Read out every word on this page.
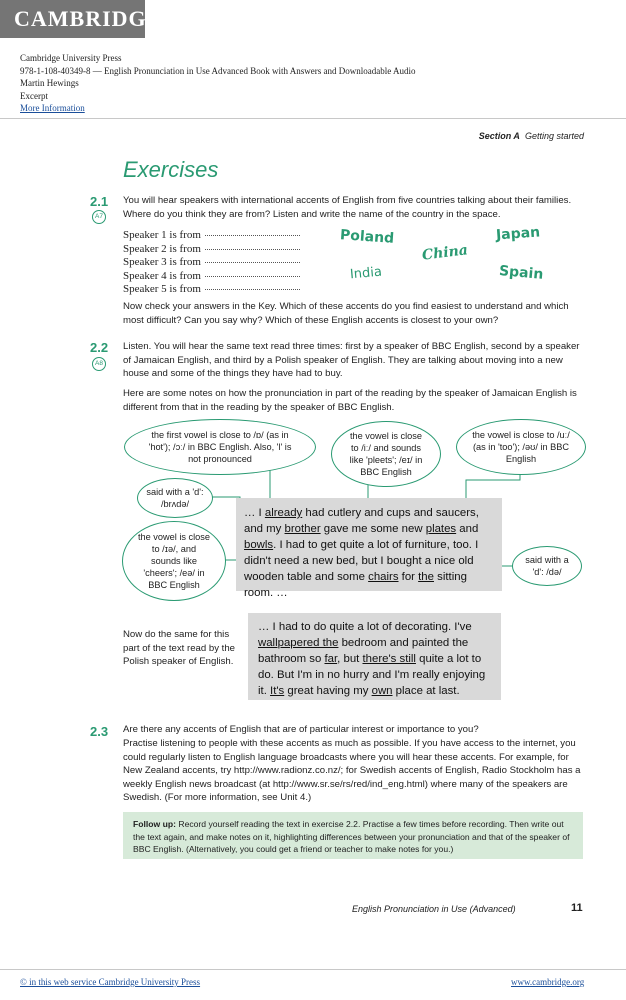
CAMBRIDGE
Cambridge University Press
978-1-108-40349-8 — English Pronunciation in Use Advanced Book with Answers and Downloadable Audio
Martin Hewings
Excerpt
More Information
Section A Getting started
Exercises
2.1
A7
You will hear speakers with international accents of English from five countries talking about their families. Where do you think they are from? Listen and write the name of the country in the space.
Speaker 1 is from
Speaker 2 is from
Speaker 3 is from
Speaker 4 is from
Speaker 5 is from
Poland
China
Japan
India	Spain
Now check your answers in the Key. Which of these accents do you find easiest to understand and which most difficult? Can you say why? Which of these English accents is closest to your own?
2.2
A8
Listen. You will hear the same text read three times: first by a speaker of BBC English, second by a speaker of Jamaican English, and third by a Polish speaker of English. They are talking about moving into a new house and some of the things they have had to buy.
Here are some notes on how the pronunciation in part of the reading by the speaker of Jamaican English is different from that in the reading by the speaker of BBC English.
… I already had cutlery and cups and saucers, and my brother gave me some new plates and bowls. I had to get quite a lot of furniture, too. I didn't need a new bed, but I bought a nice old wooden table and some chairs for the sitting room. …
the first vowel is close to /ɒ/ (as in 'hot'); /ɔː/ in BBC English. Also, 'l' is not pronounced
the vowel is close to /iː/ and sounds like 'pleets'; /eɪ/ in BBC English
the vowel is close to /uː/ (as in 'too'); /əʊ/ in BBC English
said with a 'd': /brʌdə/
the vowel is close to /ɪə/, and sounds like 'cheers'; /eə/ in BBC English
said with a 'd': /də/
Now do the same for this part of the text read by the Polish speaker of English.
… I had to do quite a lot of decorating. I've wallpapered the bedroom and painted the bathroom so far, but there's still quite a lot to do. But I'm in no hurry and I'm really enjoying it. It's great having my own place at last.
2.3 Are there any accents of English that are of particular interest or importance to you?
Practise listening to people with these accents as much as possible. If you have access to the internet, you could regularly listen to English language broadcasts where you will hear these accents. For example, for New Zealand accents, try http://www.radionz.co.nz/; for Swedish accents of English, Radio Stockholm has a weekly English news broadcast (at http://www.sr.se/rs/red/ind_eng.html) where many of the speakers are Swedish. (For more information, see Unit 4.)
Follow up: Record yourself reading the text in exercise 2.2. Practise a few times before recording. Then write out the text again, and make notes on it, highlighting differences between your pronunciation and that of the speaker of BBC English. (Alternatively, you could get a friend or teacher to make notes for you.)
English Pronunciation in Use (Advanced)	11
© in this web service Cambridge University Press	www.cambridge.org
